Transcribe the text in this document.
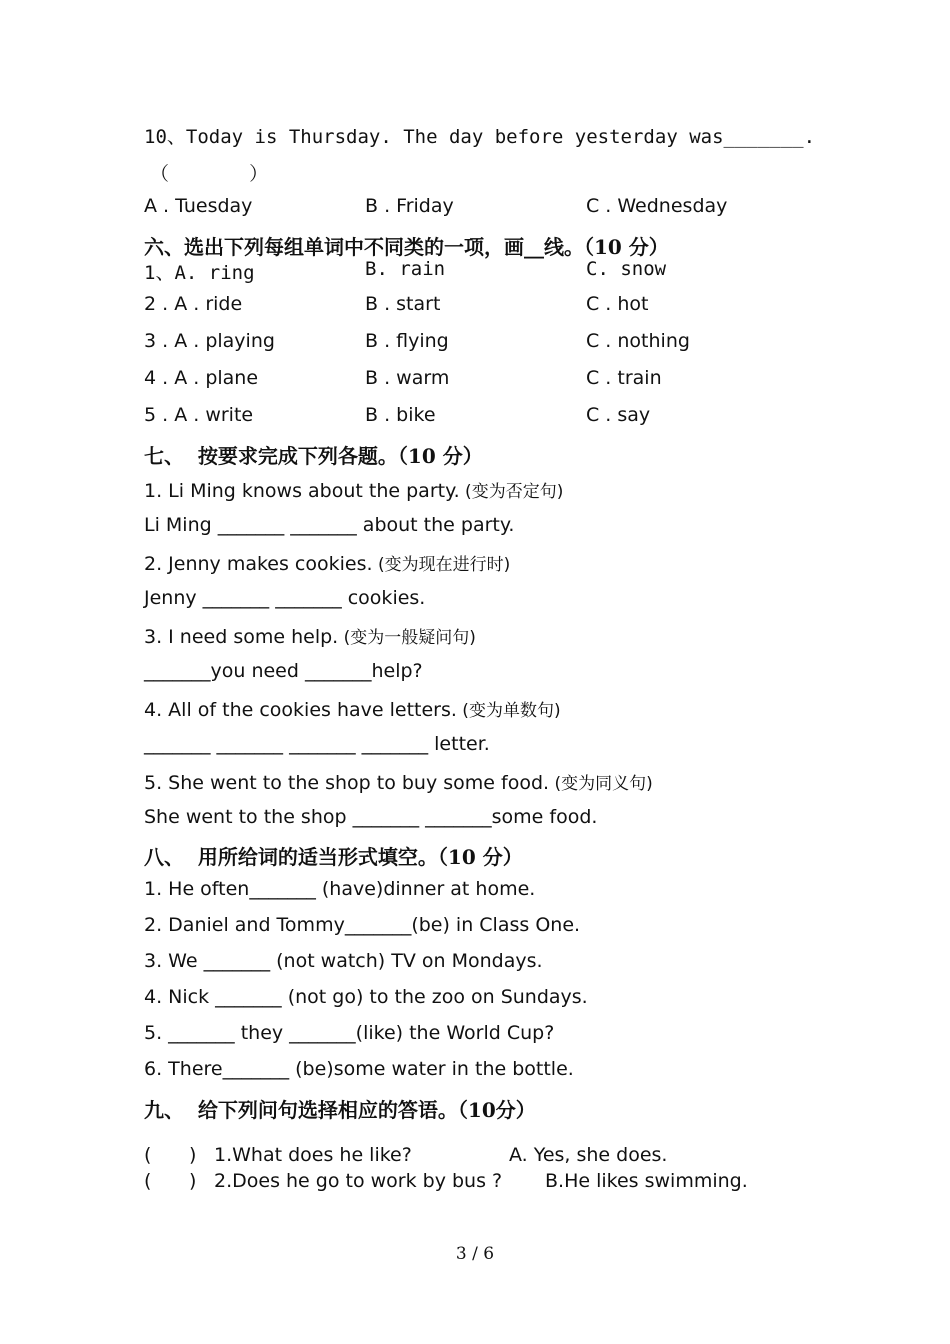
10、Today is Thursday. The day before yesterday was_______.
（       ）
A . Tuesday	B . Friday	C . Wednesday
六、选出下列每组单词中不同类的一项，画__线。（10 分）
1、A. ring	B. rain	C. snow
2 . A . ride	B . start	C . hot
3 . A . playing	B . flying	C . nothing
4 . A . plane	B . warm	C . train
5 . A . write	B . bike	C . say
七、  按要求完成下列各题。（10 分）
1. Li Ming knows about the party. (变为否定句)
Li Ming _______ _______ about the party.
2. Jenny makes cookies. (变为现在进行时)
Jenny _______ _______ cookies.
3. I need some help. (变为一般疑问句)
_______you need _______help?
4. All of the cookies have letters. (变为单数句)
_______ _______ _______ _______ letter.
5. She went to the shop to buy some food. (变为同义句)
She went to the shop _______ _______some food.
八、  用所给词的适当形式填空。（10 分）
1. He often_______ (have)dinner at home.
2. Daniel and Tommy_______(be) in Class One.
3. We _______ (not watch) TV on Mondays.
4. Nick _______ (not go) to the zoo on Sundays.
5. _______ they _______(like) the World Cup?
6. There_______ (be)some water in the bottle.
九、  给下列问句选择相应的答语。（10分）
( ) 1.What does he like?	A. Yes, she does.
( ) 2.Does he go to work by bus ? B.He likes swimming.
3 / 6
